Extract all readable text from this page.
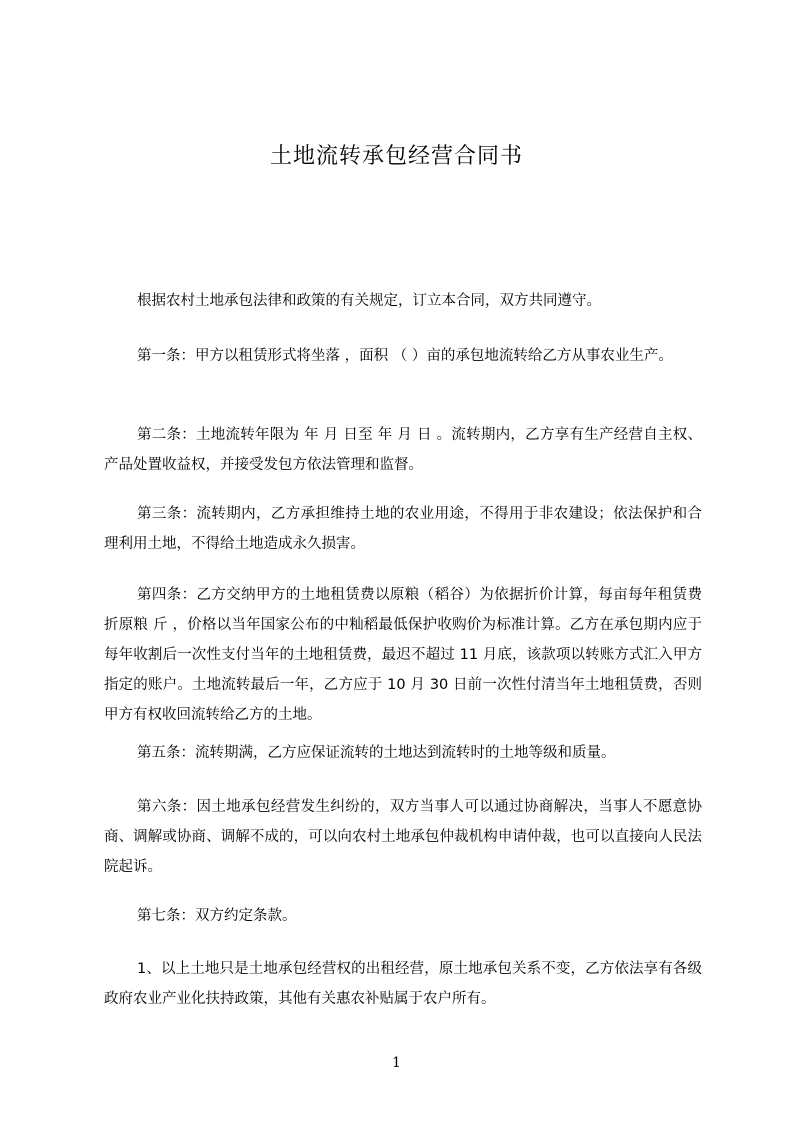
土地流转承包经营合同书
根据农村土地承包法律和政策的有关规定，订立本合同，双方共同遵守。
第一条：甲方以租赁形式将坐落 ，面积 （ ）亩的承包地流转给乙方从事农业生产。
第二条：土地流转年限为 年 月 日至 年 月 日 。流转期内，乙方享有生产经营自主权、产品处置收益权，并接受发包方依法管理和监督。
第三条：流转期内，乙方承担维持土地的农业用途，不得用于非农建设；依法保护和合理利用土地，不得给土地造成永久损害。
第四条：乙方交纳甲方的土地租赁费以原粮（稻谷）为依据折价计算，每亩每年租赁费折原粮 斤 ，价格以当年国家公布的中籼稻最低保护收购价为标准计算。乙方在承包期内应于每年收割后一次性支付当年的土地租赁费，最迟不超过 11 月底，该款项以转账方式汇入甲方指定的账户。土地流转最后一年，乙方应于 10 月 30 日前一次性付清当年土地租赁费，否则甲方有权收回流转给乙方的土地。
第五条：流转期满，乙方应保证流转的土地达到流转时的土地等级和质量。
第六条：因土地承包经营发生纠纷的，双方当事人可以通过协商解决，当事人不愿意协商、调解或协商、调解不成的，可以向农村土地承包仲裁机构申请仲裁，也可以直接向人民法院起诉。
第七条：双方约定条款。
1、以上土地只是土地承包经营权的出租经营，原土地承包关系不变，乙方依法享有各级政府农业产业化扶持政策，其他有关惠农补贴属于农户所有。
1
